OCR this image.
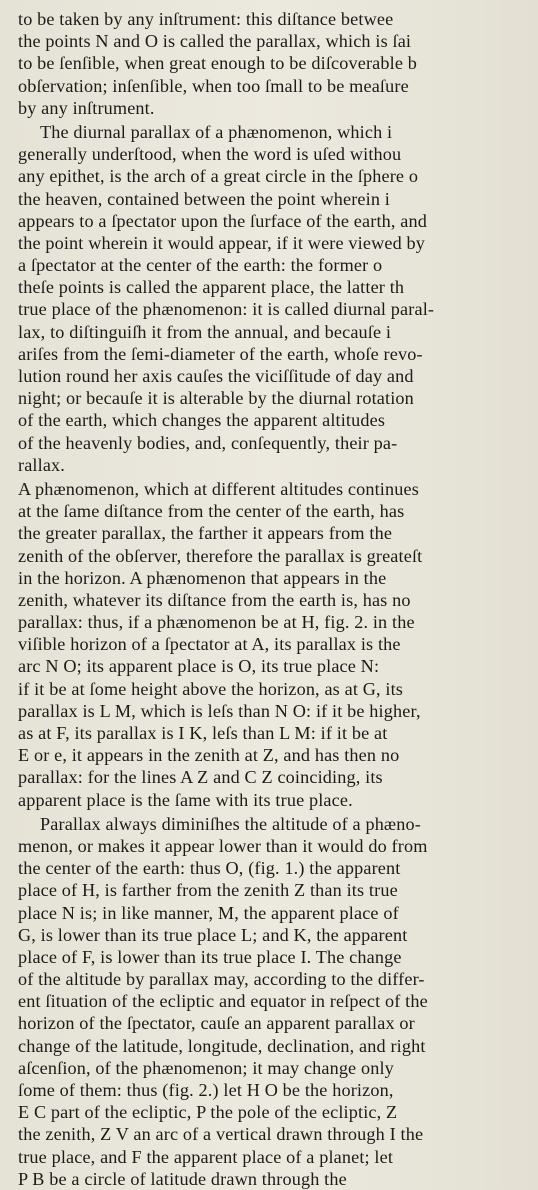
to be taken by any inſtrument: this diſtance betwee
the points N and O is called the parallax, which is ſai
to be ſenſible, when great enough to be diſcoverable b
obſervation; inſenſible, when too ſmall to be meaſure
by any inſtrument.
The diurnal parallax of a phænomenon, which i
generally underſtood, when the word is uſed withou
any epithet, is the arch of a great circle in the ſphere o
the heaven, contained between the point wherein i
appears to a ſpectator upon the ſurface of the earth, and
the point wherein it would appear, if it were viewed by
a ſpectator at the center of the earth: the former o
theſe points is called the apparent place, the latter th
true place of the phænomenon: it is called diurnal paral-
lax, to diſtinguiſh it from the annual, and becauſe i
ariſes from the ſemi-diameter of the earth, whoſe revo-
lution round her axis cauſes the viciſſitude of day and
night; or becauſe it is alterable by the diurnal rotation
of the earth, which changes the apparent altitudes
of the heavenly bodies, and, conſequently, their pa-
rallax.
A phænomenon, which at different altitudes continues
at the ſame diſtance from the center of the earth, has
the greater parallax, the farther it appears from the
zenith of the obſerver, therefore the parallax is greateſt
in the horizon. A phænomenon that appears in the
zenith, whatever its diſtance from the earth is, has no
parallax: thus, if a phænomenon be at H, fig. 2. in the
viſible horizon of a ſpectator at A, its parallax is the
arc N O; its apparent place is O, its true place N:
if it be at ſome height above the horizon, as at G, its
parallax is L M, which is leſs than N O: if it be higher,
as at F, its parallax is I K, leſs than L M: if it be at
E or e, it appears in the zenith at Z, and has then no
parallax: for the lines A Z and C Z coinciding, its
apparent place is the ſame with its true place.
Parallax always diminiſhes the altitude of a phæno-
menon, or makes it appear lower than it would do from
the center of the earth: thus O, (fig. 1.) the apparent
place of H, is farther from the zenith Z than its true
place N is; in like manner, M, the apparent place of
G, is lower than its true place L; and K, the apparent
place of F, is lower than its true place I. The change
of the altitude by parallax may, according to the differ-
ent ſituation of the ecliptic and equator in reſpect of the
horizon of the ſpectator, cauſe an apparent parallax or
change of the latitude, longitude, declination, and right
aſcenſion, of the phænomenon; it may change only
ſome of them: thus (fig. 2.) let H O be the horizon,
E C part of the ecliptic, P the pole of the ecliptic, Z
the zenith, Z V an arc of a vertical drawn through I the
true place, and F the apparent place of a planet; let
P B be a circle of latitude drawn through the
